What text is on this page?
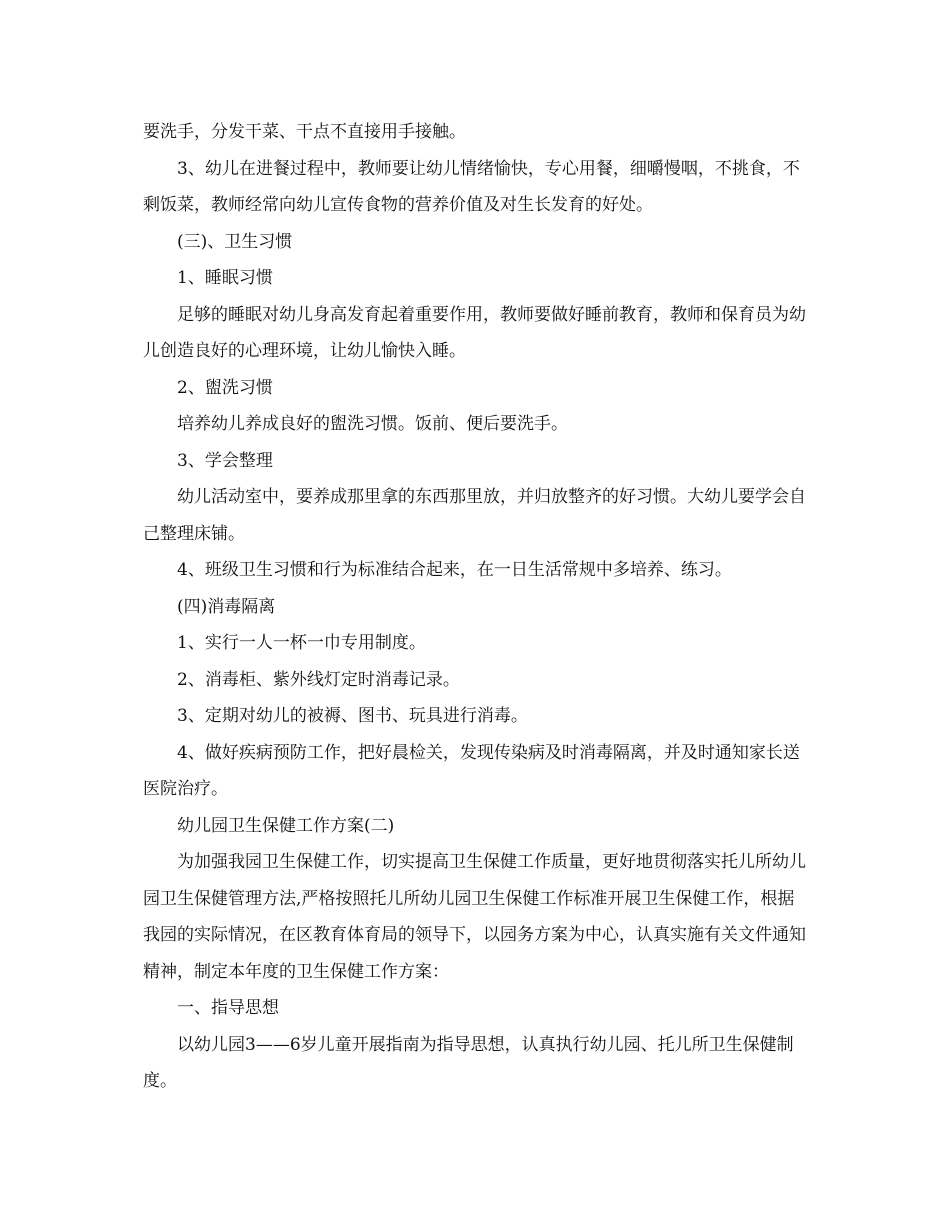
要洗手，分发干菜、干点不直接用手接触。

3、幼儿在进餐过程中，教师要让幼儿情绪愉快，专心用餐，细嚼慢咽，不挑食，不剩饭菜，教师经常向幼儿宣传食物的营养价值及对生长发育的好处。

(三)、卫生习惯

1、睡眠习惯

足够的睡眠对幼儿身高发育起着重要作用，教师要做好睡前教育，教师和保育员为幼儿创造良好的心理环境，让幼儿愉快入睡。

2、盥洗习惯

培养幼儿养成良好的盥洗习惯。饭前、便后要洗手。

3、学会整理

幼儿活动室中，要养成那里拿的东西那里放，并归放整齐的好习惯。大幼儿要学会自己整理床铺。

4、班级卫生习惯和行为标准结合起来，在一日生活常规中多培养、练习。

(四)消毒隔离

1、实行一人一杯一巾专用制度。

2、消毒柜、紫外线灯定时消毒记录。

3、定期对幼儿的被褥、图书、玩具进行消毒。

4、做好疾病预防工作，把好晨检关，发现传染病及时消毒隔离，并及时通知家长送医院治疗。

幼儿园卫生保健工作方案(二)

为加强我园卫生保健工作，切实提高卫生保健工作质量，更好地贯彻落实托儿所幼儿园卫生保健管理方法,严格按照托儿所幼儿园卫生保健工作标准开展卫生保健工作，根据我园的实际情况，在区教育体育局的领导下，以园务方案为中心，认真实施有关文件通知精神，制定本年度的卫生保健工作方案：

一、指导思想

以幼儿园3——6岁儿童开展指南为指导思想，认真执行幼儿园、托儿所卫生保健制度。
